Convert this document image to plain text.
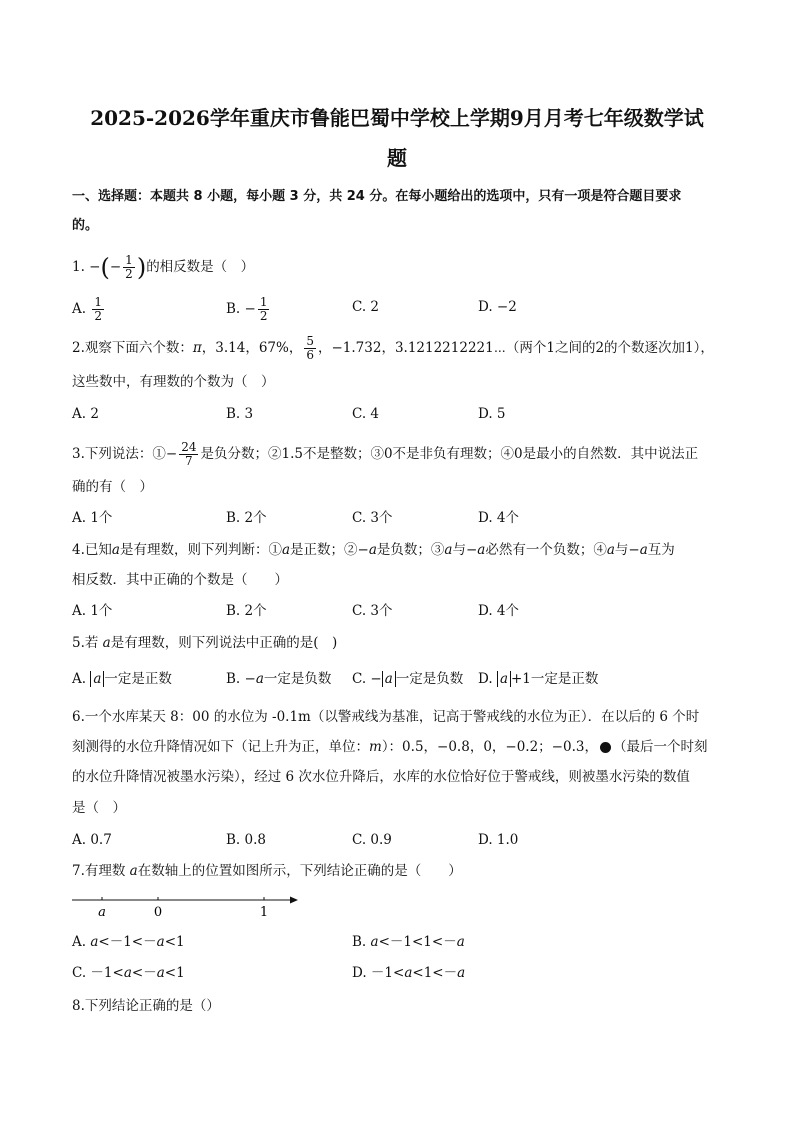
2025-2026学年重庆市鲁能巴蜀中学校上学期9月月考七年级数学试
题
一、选择题：本题共 8 小题，每小题 3 分，共 24 分。在每小题给出的选项中，只有一项是符合题目要求
的。
1. −(− $\frac{1}{2}$ )的相反数是（　）
A. $\frac{1}{2}$	B. − $\frac{1}{2}$	C. 2	D. −2
2.观察下面六个数：π，3.14，67%， $\frac{5}{6}$ ，−1.732，3.1212212221⋯（两个1之间的2的个数逐次加1），
这些数中，有理数的个数为（　）
A. 2	B. 3	C. 4	D. 5
3.下列说法：①− $\frac{24}{7}$ 是负分数；②1.5不是整数；③0不是非负有理数；④0是最小的自然数．其中说法正
确的有（　）
A. 1个	B. 2个	C. 3个	D. 4个
4.已知a是有理数，则下列判断：①a是正数；②−a是负数；③a与−a必然有一个负数；④a与−a互为
相反数．其中正确的个数是（　　）
A. 1个	B. 2个	C. 3个	D. 4个
5.若 a是有理数，则下列说法中正确的是(　)
A. a 一定是正数	B. −a一定是负数 C. − a 一定是负数 D. a +1一定是正数
6.一个水库某天 8：00 的水位为 -0.1m（以警戒线为基准，记高于警戒线的水位为正）．在以后的 6 个时
刻测得的水位升降情况如下（记上升为正，单位：m）：0.5，−0.8，0，−0.2；−0.3， （最后一个时刻
的水位升降情况被墨水污染），经过 6 次水位升降后，水库的水位恰好位于警戒线，则被墨水污染的数值
是（　）
A. 0.7	B. 0.8	C. 0.9	D. 1.0
7.有理数 a在数轴上的位置如图所示，下列结论正确的是（　　）
a	0	1
A. a<－1<－a<1	B. a<－1<1<－a
C. －1<a<－a<1	D. －1<a<1<－a
8.下列结论正确的是（）
